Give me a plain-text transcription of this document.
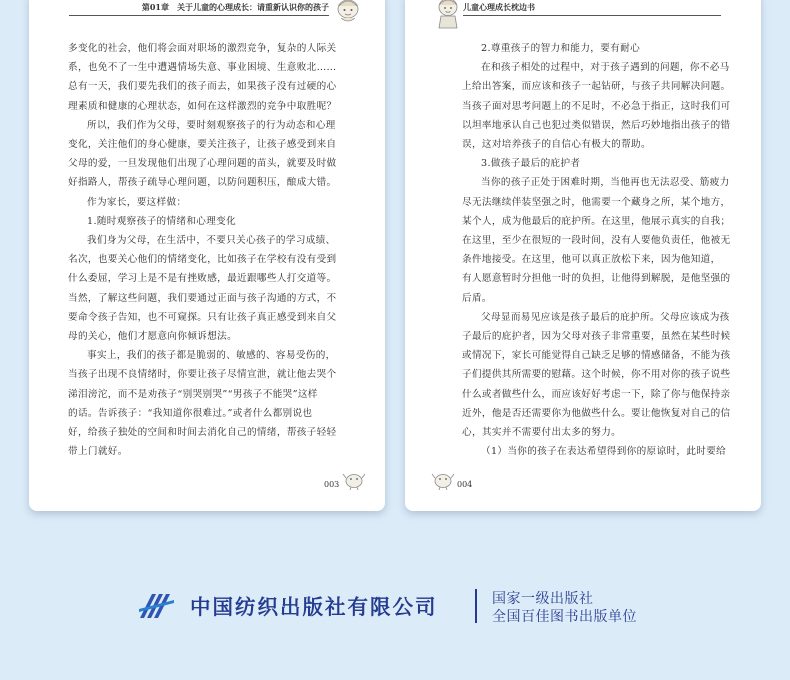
第01章　关于儿童的心理成长：请重新认识你的孩子

多变化的社会，他们将会面对职场的激烈竞争，复杂的人际关

系，也免不了一生中遭遇情场失意、事业困境、生意败北……

总有一天，我们要先我们的孩子而去，如果孩子没有过硬的心

理素质和健康的心理状态，如何在这样激烈的竞争中取胜呢？

所以，我们作为父母，要时刻观察孩子的行为动态和心理

变化，关注他们的身心健康，要关注孩子，让孩子感受到来自

父母的爱，一旦发现他们出现了心理问题的苗头，就要及时做

好指路人，帮孩子疏导心理问题，以防问题积压，酿成大错。

作为家长，要这样做：

1.随时观察孩子的情绪和心理变化

我们身为父母，在生活中，不要只关心孩子的学习成绩、

名次，也要关心他们的情绪变化，比如孩子在学校有没有受到

什么委屈，学习上是不是有挫败感，最近跟哪些人打交道等。

当然，了解这些问题，我们要通过正面与孩子沟通的方式，不

要命令孩子告知，也不可窥探。只有让孩子真正感受到来自父

母的关心，他们才愿意向你倾诉想法。

事实上，我们的孩子都是脆弱的、敏感的、容易受伤的，

当孩子出现不良情绪时，你要让孩子尽情宣泄，就让他去哭个

涕泪滂沱，而不是劝孩子“别哭别哭”“男孩子不能哭”这样

的话。告诉孩子：“我知道你很难过。”或者什么都别说也

好，给孩子独处的空间和时间去消化自己的情绪，帮孩子轻轻

带上门就好。

003
儿童心理成长枕边书

2.尊重孩子的智力和能力，要有耐心

在和孩子相处的过程中，对于孩子遇到的问题，你不必马

上给出答案，而应该和孩子一起钻研，与孩子共同解决问题。

当孩子面对思考问题上的不足时，不必急于指正，这时我们可

以坦率地承认自己也犯过类似错误，然后巧妙地指出孩子的错

误，这对培养孩子的自信心有极大的帮助。

3.做孩子最后的庇护者

当你的孩子正处于困难时期，当他再也无法忍受、筋疲力

尽无法继续伴装坚强之时，他需要一个藏身之所，某个地方，

某个人，成为他最后的庇护所。在这里，他展示真实的自我；

在这里，至少在很短的一段时间，没有人要他负责任，他被无

条件地接受。在这里，他可以真正放松下来，因为他知道，

有人愿意暂时分担他一时的负担，让他得到解脱，是他坚强的

后盾。

父母显而易见应该是孩子最后的庇护所。父母应该成为孩

子最后的庇护者，因为父母对孩子非常重要，虽然在某些时候

或情况下，家长可能觉得自己缺乏足够的情感储备，不能为孩

子们提供其所需要的慰藉。这个时候，你不用对你的孩子说些

什么或者做些什么，而应该好好考虑一下，除了你与他保持亲

近外，他是否还需要你为他做些什么。要让他恢复对自己的信

心，其实并不需要付出太多的努力。

（1）当你的孩子在表达希望得到你的原谅时，此时要给

004
中国纺织出版社有限公司	国家一级出版社
全国百佳图书出版单位
